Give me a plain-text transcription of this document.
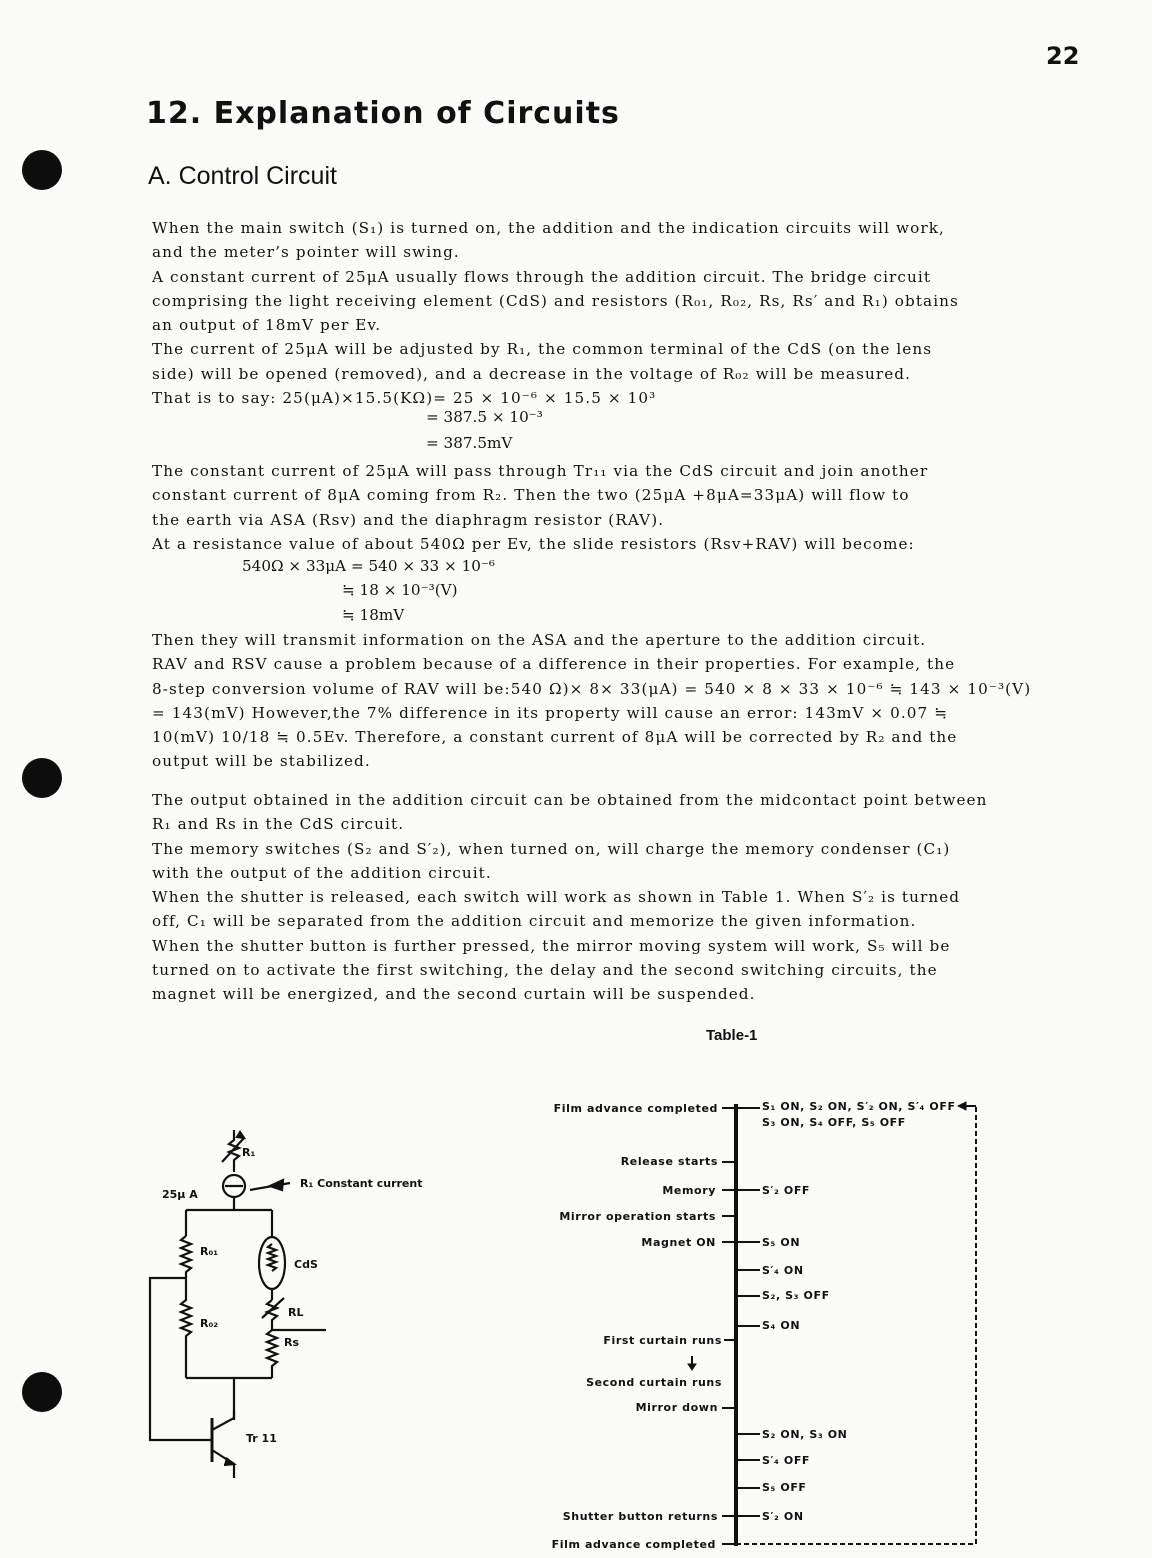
22
12. Explanation of Circuits
A. Control Circuit

When the main switch (S₁) is turned on, the addition and the indication circuits will work,

and the meter’s pointer will swing.

A constant current of 25μA usually flows through the addition circuit. The bridge circuit

comprising the light receiving element (CdS) and resistors (R₀₁, R₀₂, Rs, Rs′ and R₁) obtains

an output of 18mV per Ev.

The current of 25μA will be adjusted by R₁, the common terminal of the CdS (on the lens

side) will be opened (removed), and a decrease in the voltage of R₀₂ will be measured.

That is to say: 25(μA)×15.5(KΩ)= 25 × 10⁻⁶ × 15.5 × 10³

= 387.5 × 10⁻³
= 387.5mV

The constant current of 25μA will pass through Tr₁₁ via the CdS circuit and join another

constant current of 8μA coming from R₂. Then the two (25μA +8μA=33μA) will flow to

the earth via ASA (Rsv) and the diaphragm resistor (RAV).

At a resistance value of about 540Ω per Ev, the slide resistors (Rsv+RAV) will become:

540Ω × 33μA = 540 × 33 × 10⁻⁶
≒ 18 × 10⁻³(V)
≒ 18mV

Then they will transmit information on the ASA and the aperture to the addition circuit.

RAV and RSV cause a problem because of a difference in their properties. For example, the

8-step conversion volume of RAV will be:540 Ω)× 8× 33(μA) = 540 × 8 × 33 × 10⁻⁶ ≒ 143 × 10⁻³(V)

= 143(mV) However,the 7% difference in its property will cause an error: 143mV × 0.07 ≒

10(mV) 10/18 ≒ 0.5Ev. Therefore, a constant current of 8μA will be corrected by R₂ and the

output will be stabilized.

The output obtained in the addition circuit can be obtained from the midcontact point between

R₁ and Rs in the CdS circuit.

The memory switches (S₂ and S′₂), when turned on, will charge the memory condenser (C₁)

with the output of the addition circuit.

When the shutter is released, each switch will work as shown in Table 1. When S′₂ is turned

off, C₁ will be separated from the addition circuit and memorize the given information.

When the shutter button is further pressed, the mirror moving system will work, S₅ will be

turned on to activate the first switching, the delay and the second switching circuits, the

magnet will be energized, and the second curtain will be suspended.

Table-1
R₁
25μ A
R₁ Constant current
R₀₁
CdS
R₀₂
RL
Rs
Tr 11
Film advance completed
Release starts
Memory
Mirror operation starts
Magnet ON
First curtain runs
Second curtain runs
Mirror down
Shutter button returns
Film advance completed
S₁ ON, S₂ ON, S′₂ ON, S′₄ OFF
S₃ ON, S₄ OFF, S₅ OFF
S′₂ OFF
S₅ ON
S′₄ ON
S₂, S₃ OFF
S₄ ON
S₂ ON, S₃ ON
S′₄ OFF
S₅ OFF
S′₂ ON
